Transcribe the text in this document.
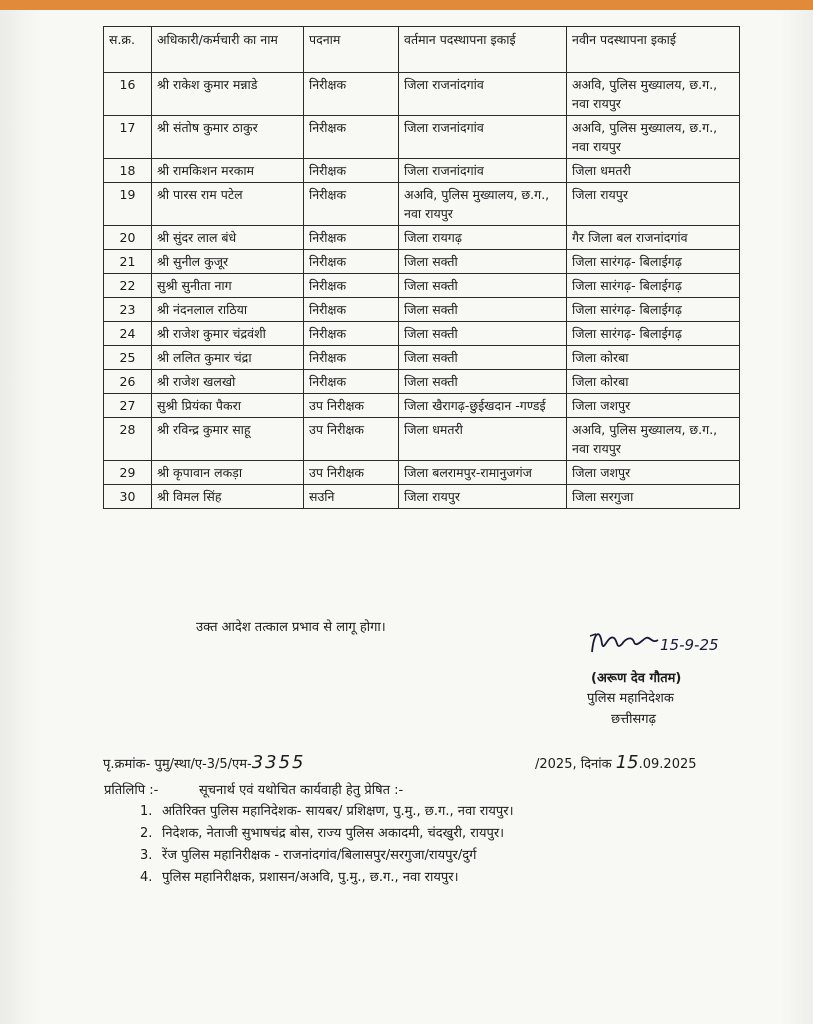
स.क्र.	अधिकारी/कर्मचारी का नाम	पदनाम	वर्तमान पदस्थापना इकाई	नवीन पदस्थापना इकाई
16	श्री राकेश कुमार मन्नाडे	निरीक्षक	जिला राजनांदगांव	अअवि, पुलिस मुख्यालय, छ.ग., नवा रायपुर
17	श्री संतोष कुमार ठाकुर	निरीक्षक	जिला राजनांदगांव	अअवि, पुलिस मुख्यालय, छ.ग., नवा रायपुर
18	श्री रामकिशन मरकाम	निरीक्षक	जिला राजनांदगांव	जिला धमतरी
19	श्री पारस राम पटेल	निरीक्षक	अअवि, पुलिस मुख्यालय, छ.ग., नवा रायपुर	जिला रायपुर
20	श्री सुंदर लाल बंधे	निरीक्षक	जिला रायगढ़	गैर जिला बल राजनांदगांव
21	श्री सुनील कुजूर	निरीक्षक	जिला सक्ती	जिला सारंगढ़- बिलाईगढ़
22	सुश्री सुनीता नाग	निरीक्षक	जिला सक्ती	जिला सारंगढ़- बिलाईगढ़
23	श्री नंदनलाल राठिया	निरीक्षक	जिला सक्ती	जिला सारंगढ़- बिलाईगढ़
24	श्री राजेश कुमार चंद्रवंशी	निरीक्षक	जिला सक्ती	जिला सारंगढ़- बिलाईगढ़
25	श्री ललित कुमार चंद्रा	निरीक्षक	जिला सक्ती	जिला कोरबा
26	श्री राजेश खलखो	निरीक्षक	जिला सक्ती	जिला कोरबा
27	सुश्री प्रियंका पैकरा	उप निरीक्षक	जिला खैरागढ़-छुईखदान -गण्डई	जिला जशपुर
28	श्री रविन्द्र कुमार साहू	उप निरीक्षक	जिला धमतरी	अअवि, पुलिस मुख्यालय, छ.ग., नवा रायपुर
29	श्री कृपावान लकड़ा	उप निरीक्षक	जिला बलरामपुर-रामानुजगंज	जिला जशपुर
30	श्री विमल सिंह	सउनि	जिला रायपुर	जिला सरगुजा
उक्त आदेश तत्काल प्रभाव से लागू होगा।
15-9-25
(अरूण देव गौतम)
पुलिस महानिदेशक
छत्तीसगढ़
पृ.क्रमांक- पुमु/स्था/ए-3/5/एम-3355	/2025, दिनांक 15.09.2025
प्रतिलिपि :-	सूचनार्थ एवं यथोचित कार्यवाही हेतु प्रेषित :-
1. अतिरिक्त पुलिस महानिदेशक- सायबर/ प्रशिक्षण, पु.मु., छ.ग., नवा रायपुर।
2. निदेशक, नेताजी सुभाषचंद्र बोस, राज्य पुलिस अकादमी, चंदखुरी, रायपुर।
3. रेंज पुलिस महानिरीक्षक - राजनांदगांव/बिलासपुर/सरगुजा/रायपुर/दुर्ग
4. पुलिस महानिरीक्षक, प्रशासन/अअवि, पु.मु., छ.ग., नवा रायपुर।
